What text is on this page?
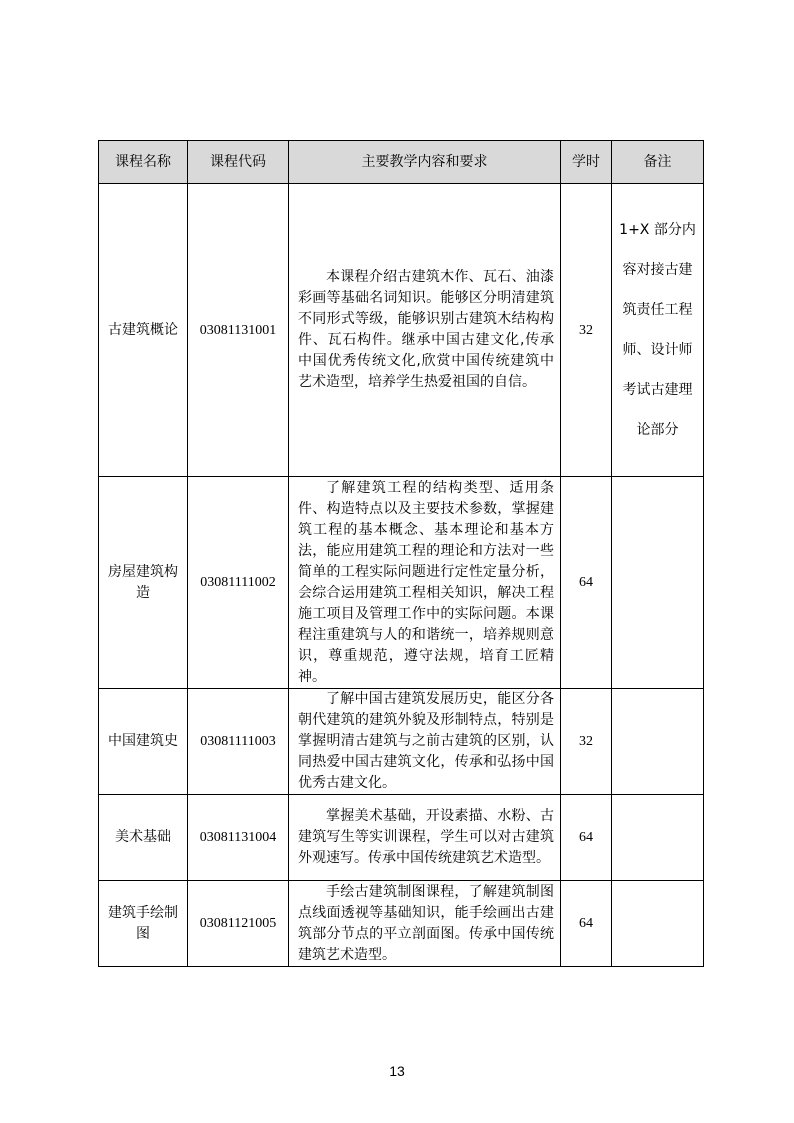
课程名称	课程代码	主要教学内容和要求	学时	备注
古建筑概论	03081131001	本课程介绍古建筑木作、瓦石、油漆彩画等基础名词知识。能够区分明清建筑不同形式等级，能够识别古建筑木结构构件、瓦石构件。继承中国古建文化,传承中国优秀传统文化,欣赏中国传统建筑中艺术造型，培养学生热爱祖国的自信。	32	1+X 部分内容对接古建筑责任工程师、设计师考试古建理论部分
房屋建筑构造	03081111002	了解建筑工程的结构类型、适用条件、构造特点以及主要技术参数，掌握建筑工程的基本概念、基本理论和基本方法，能应用建筑工程的理论和方法对一些简单的工程实际问题进行定性定量分析，会综合运用建筑工程相关知识，解决工程施工项目及管理工作中的实际问题。本课程注重建筑与人的和谐统一，培养规则意识，尊重规范，遵守法规，培育工匠精神。	64	
中国建筑史	03081111003	了解中国古建筑发展历史，能区分各朝代建筑的建筑外貌及形制特点，特别是掌握明清古建筑与之前古建筑的区别，认同热爱中国古建筑文化，传承和弘扬中国优秀古建文化。	32	
美术基础	03081131004	掌握美术基础，开设素描、水粉、古建筑写生等实训课程，学生可以对古建筑外观速写。传承中国传统建筑艺术造型。	64	
建筑手绘制图	03081121005	手绘古建筑制图课程，了解建筑制图点线面透视等基础知识，能手绘画出古建筑部分节点的平立剖面图。传承中国传统建筑艺术造型。	64	
13
